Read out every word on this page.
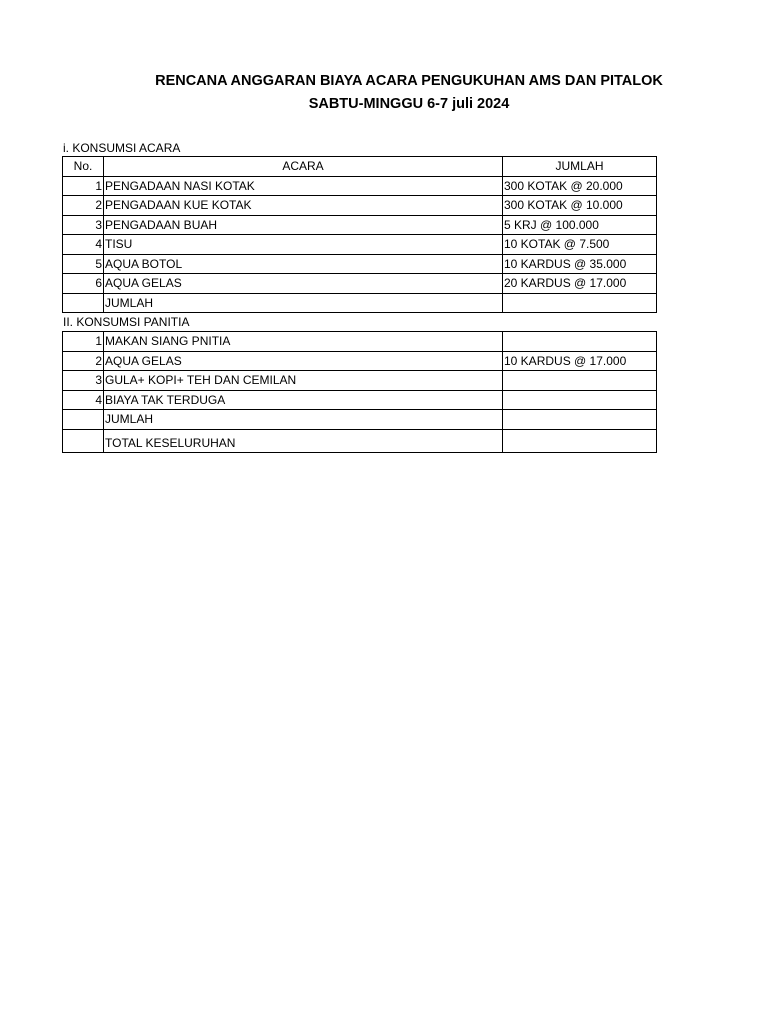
RENCANA ANGGARAN BIAYA ACARA PENGUKUHAN AMS DAN PITALOK
SABTU-MINGGU 6-7 juli 2024
i. KONSUMSI ACARA
No.	ACARA	JUMLAH
1	PENGADAAN NASI KOTAK	300 KOTAK @ 20.000
2	PENGADAAN KUE KOTAK	300 KOTAK @ 10.000
3	PENGADAAN BUAH	5 KRJ @ 100.000
4	TISU	10 KOTAK @ 7.500
5	AQUA BOTOL	10 KARDUS @ 35.000
6	AQUA GELAS	20 KARDUS @ 17.000
	JUMLAH	
II. KONSUMSI PANITIA
1	MAKAN SIANG PNITIA	
2	AQUA GELAS	10 KARDUS @ 17.000
3	GULA+ KOPI+ TEH DAN CEMILAN	
4	BIAYA TAK TERDUGA	
	JUMLAH	
	TOTAL KESELURUHAN	
